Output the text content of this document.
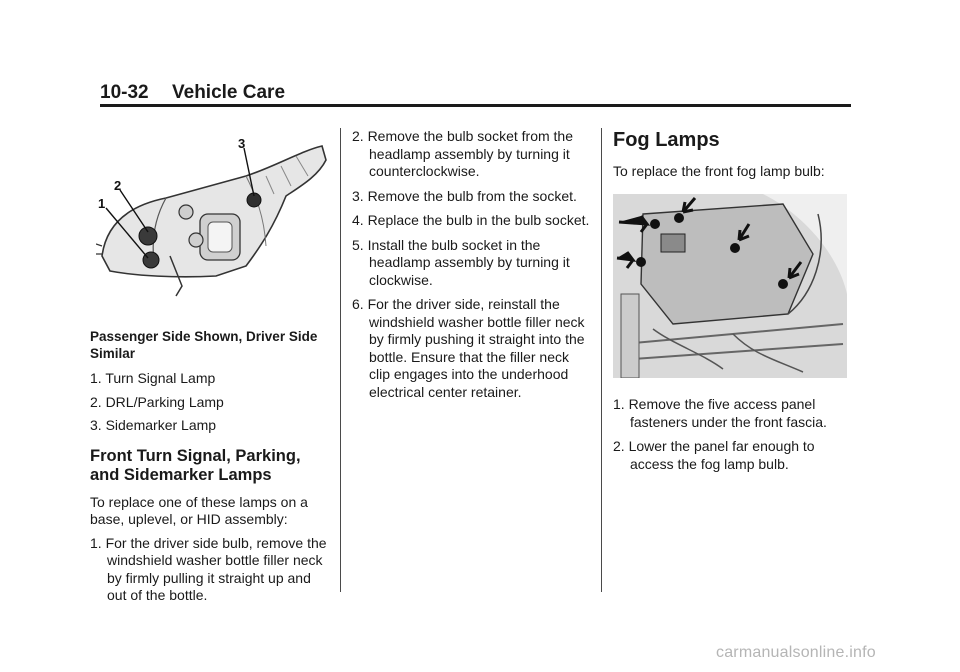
10-32 Vehicle Care
3
2
1

Passenger Side Shown, Driver Side Similar

1. Turn Signal Lamp

2. DRL/Parking Lamp

3. Sidemarker Lamp

Front Turn Signal, Parking, and Sidemarker Lamps

To replace one of these lamps on a base, uplevel, or HID assembly:

1. For the driver side bulb, remove the windshield washer bottle filler neck by firmly pulling it straight up and out of the bottle.

2. Remove the bulb socket from the headlamp assembly by turning it counterclockwise.

3. Remove the bulb from the socket.

4. Replace the bulb in the bulb socket.

5. Install the bulb socket in the headlamp assembly by turning it clockwise.

6. For the driver side, reinstall the windshield washer bottle filler neck by firmly pushing it straight into the bottle. Ensure that the filler neck clip engages into the underhood electrical center retainer.

Fog Lamps

To replace the front fog lamp bulb:

1. Remove the five access panel fasteners under the front fascia.

2. Lower the panel far enough to access the fog lamp bulb.

carmanualsonline.info
